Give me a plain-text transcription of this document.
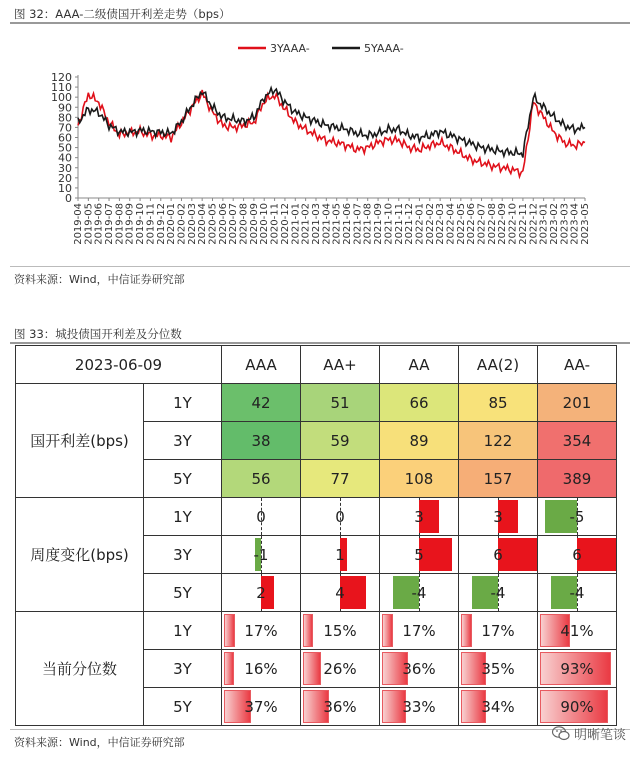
图 32：AAA-二级债国开利差走势（bps）
0
10
20
30
40
50
60
70
80
90
100
110
120
2019-04 2019-05 2019-06 2019-07 2019-08 2019-09 2019-10 2019-11 2019-12 2020-01 2020-02 2020-03 2020-04 2020-05 2020-06 2020-07 2020-08 2020-09 2020-10 2020-11 2020-12 2021-01 2021-02 2021-03 2021-04 2021-05 2021-06 2021-07 2021-08 2021-09 2021-10 2021-11 2021-12 2022-01 2022-02 2022-03 2022-04 2022-05 2022-06 2022-07 2022-08 2022-09 2022-10 2022-11 2022-12 2023-01 2023-02 2023-03 2023-04 2023-05
3YAAA-	5YAAA-
资料来源：Wind，中信证券研究部
图 33：城投债国开利差及分位数
2023-06-09		AAA	AA+	AA	AA(2)	AA-
国开利差(bps)	1Y	42	51	66	85	201

	3Y	38	59	89	122	354

	5Y	56	77	108	157	389

周度变化(bps)	1Y	0	0	3	3	-5

	3Y	-1	1	5	6	6

	5Y	2	4	-4	-4	-4

当前分位数	1Y	17%	15%	17%	17%	41%

	3Y	16%	26%	36%	35%	93%

	5Y	37%	36%	33%	34%	90%
资料来源：Wind，中信证券研究部	明晰笔谈
